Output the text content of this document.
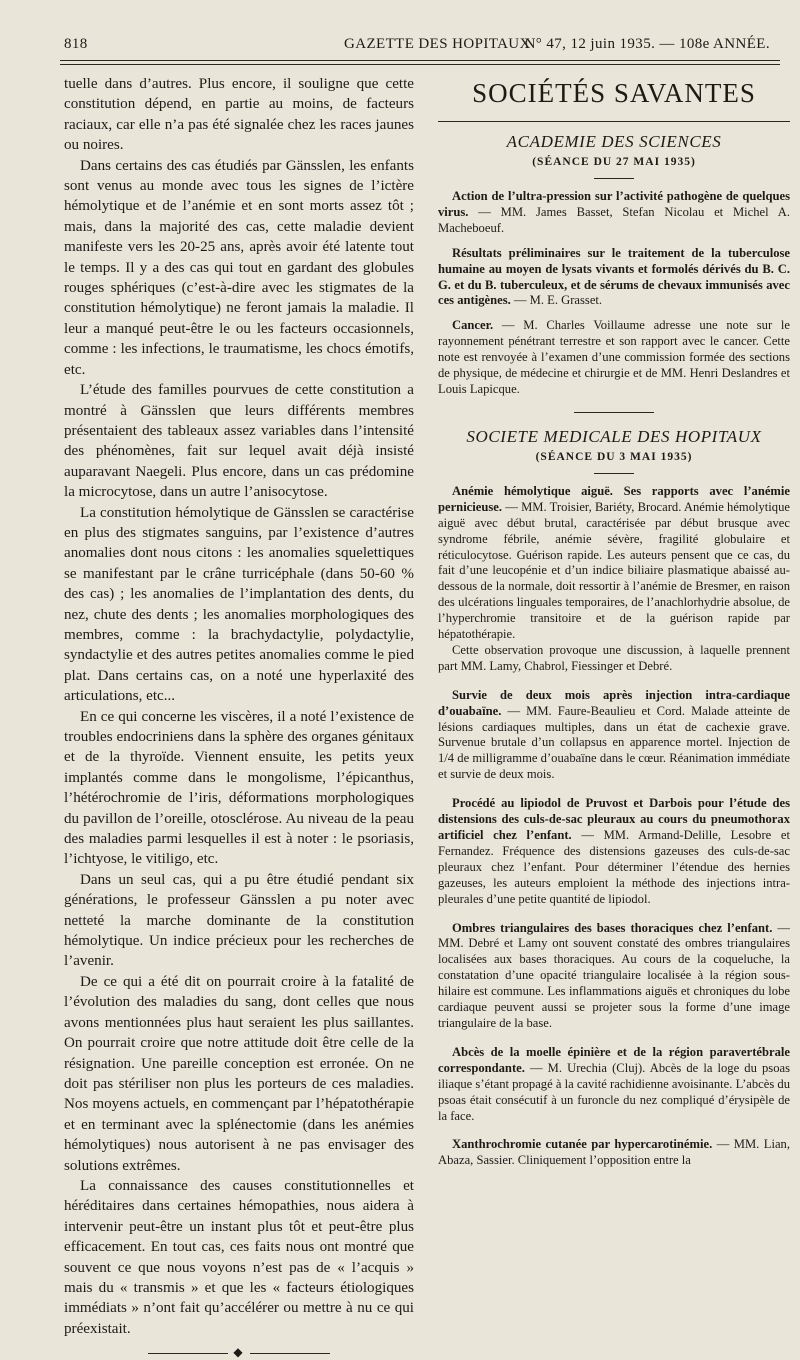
818	GAZETTE DES HOPITAUX
N° 47, 12 juin 1935. — 108e ANNÉE.

tuelle dans d’autres. Plus encore, il souligne que cette constitution dépend, en partie au moins, de facteurs raciaux, car elle n’a pas été signalée chez les races jaunes ou noires.

Dans certains des cas étudiés par Gänsslen, les enfants sont venus au monde avec tous les signes de l’ictère hémolytique et de l’anémie et en sont morts assez tôt ; mais, dans la majorité des cas, cette maladie devient manifeste vers les 20-25 ans, après avoir été latente tout le temps. Il y a des cas qui tout en gardant des globules rouges sphériques (c’est-à-dire avec les stigmates de la constitution hémolytique) ne feront jamais la maladie. Il leur a manqué peut-être le ou les facteurs occasionnels, comme : les infections, le traumatisme, les chocs émotifs, etc.

L’étude des familles pourvues de cette constitution a montré à Gänsslen que leurs différents membres présentaient des tableaux assez variables dans l’intensité des phénomènes, fait sur lequel avait déjà insisté auparavant Naegeli. Plus encore, dans un cas prédomine la microcytose, dans un autre l’anisocytose.

La constitution hémolytique de Gänsslen se caractérise en plus des stigmates sanguins, par l’existence d’autres anomalies dont nous citons : les anomalies squelettiques se manifestant par le crâne turricéphale (dans 50-60 % des cas) ; les anomalies de l’implantation des dents, du nez, chute des dents ; les anomalies morphologiques des membres, comme : la brachydactylie, polydactylie, syndactylie et des autres petites anomalies comme le pied plat. Dans certains cas, on a noté une hyperlaxité des articulations, etc...

En ce qui concerne les viscères, il a noté l’existence de troubles endocriniens dans la sphère des organes génitaux et de la thyroïde. Viennent ensuite, les petits yeux implantés comme dans le mongolisme, l’épicanthus, l’hétérochromie de l’iris, déformations morphologiques du pavillon de l’oreille, otosclérose. Au niveau de la peau des maladies parmi lesquelles il est à noter : le psoriasis, l’ichtyose, le vitiligo, etc.

Dans un seul cas, qui a pu être étudié pendant six générations, le professeur Gänsslen a pu noter avec netteté la marche dominante de la constitution hémolytique. Un indice précieux pour les recherches de l’avenir.

De ce qui a été dit on pourrait croire à la fatalité de l’évolution des maladies du sang, dont celles que nous avons mentionnées plus haut seraient les plus saillantes. On pourrait croire que notre attitude doit être celle de la résignation. Une pareille conception est erronée. On ne doit pas stériliser non plus les porteurs de ces maladies. Nos moyens actuels, en commençant par l’hépatothérapie et en terminant avec la splénectomie (dans les anémies hémolytiques) nous autorisent à ne pas envisager des solutions extrêmes.

La connaissance des causes constitutionnelles et héréditaires dans certaines hémopathies, nous aidera à intervenir peut-être un instant plus tôt et peut-être plus efficacement. En tout cas, ces faits nous ont montré que souvent ce que nous voyons n’est pas de « l’acquis » mais du « transmis » et que les « facteurs étiologiques immédiats » n’ont fait qu’accélérer ou mettre à nu ce qui préexistait.

◆
SOCIÉTÉS SAVANTES
ACADEMIE DES SCIENCES
(SÉANCE DU 27 MAI 1935)

Action de l’ultra-pression sur l’activité pathogène de quelques virus. — MM. James Basset, Stefan Nicolau et Michel A. Macheboeuf.

Résultats préliminaires sur le traitement de la tuberculose humaine au moyen de lysats vivants et formolés dérivés du B. C. G. et du B. tuberculeux, et de sérums de chevaux immunisés avec ces antigènes. — M. E. Grasset.

Cancer. — M. Charles Voillaume adresse une note sur le rayonnement pénétrant terrestre et son rapport avec le cancer. Cette note est renvoyée à l’examen d’une commission formée des sections de physique, de médecine et chirurgie et de MM. Henri Deslandres et Louis Lapicque.

SOCIETE MEDICALE DES HOPITAUX
(SÉANCE DU 3 MAI 1935)

Anémie hémolytique aiguë. Ses rapports avec l’anémie pernicieuse. — MM. Troisier, Bariéty, Brocard. Anémie hémolytique aiguë avec début brutal, caractérisée par début brusque avec syndrome fébrile, anémie sévère, fragilité globulaire et réticulocytose. Guérison rapide. Les auteurs pensent que ce cas, du fait d’une leucopénie et d’un indice biliaire plasmatique abaissé au-dessous de la normale, doit ressortir à l’anémie de Bresmer, en raison des ulcérations linguales temporaires, de l’anachlorhydrie absolue, de l’hyperchromie transitoire et de la guérison rapide par hépatothérapie.

Cette observation provoque une discussion, à laquelle prennent part MM. Lamy, Chabrol, Fiessinger et Debré.

Survie de deux mois après injection intra-cardiaque d’ouabaïne. — MM. Faure-Beaulieu et Cord. Malade atteinte de lésions cardiaques multiples, dans un état de cachexie grave. Survenue brutale d’un collapsus en apparence mortel. Injection de 1/4 de milligramme d’ouabaïne dans le cœur. Réanimation immédiate et survie de deux mois.

Procédé au lipiodol de Pruvost et Darbois pour l’étude des distensions des culs-de-sac pleuraux au cours du pneumothorax artificiel chez l’enfant. — MM. Armand-Delille, Lesobre et Fernandez. Fréquence des distensions gazeuses des culs-de-sac pleuraux chez l’enfant. Pour déterminer l’étendue des hernies gazeuses, les auteurs emploient la méthode des injections intra-pleurales d’une petite quantité de lipiodol.

Ombres triangulaires des bases thoraciques chez l’enfant. — MM. Debré et Lamy ont souvent constaté des ombres triangulaires localisées aux bases thoraciques. Au cours de la coqueluche, la constatation d’une opacité triangulaire localisée à la région sous-hilaire est commune. Les inflammations aiguës et chroniques du lobe cardiaque peuvent aussi se projeter sous la forme d’une image triangulaire de la base.

Abcès de la moelle épinière et de la région paravertébrale correspondante. — M. Urechia (Cluj). Abcès de la loge du psoas iliaque s’étant propagé à la cavité rachidienne avoisinante. L’abcès du psoas était consécutif à un furoncle du nez compliqué d’érysipèle de la face.

Xanthrochromie cutanée par hypercarotinémie. — MM. Lian, Abaza, Sassier. Cliniquement l’opposition entre la
